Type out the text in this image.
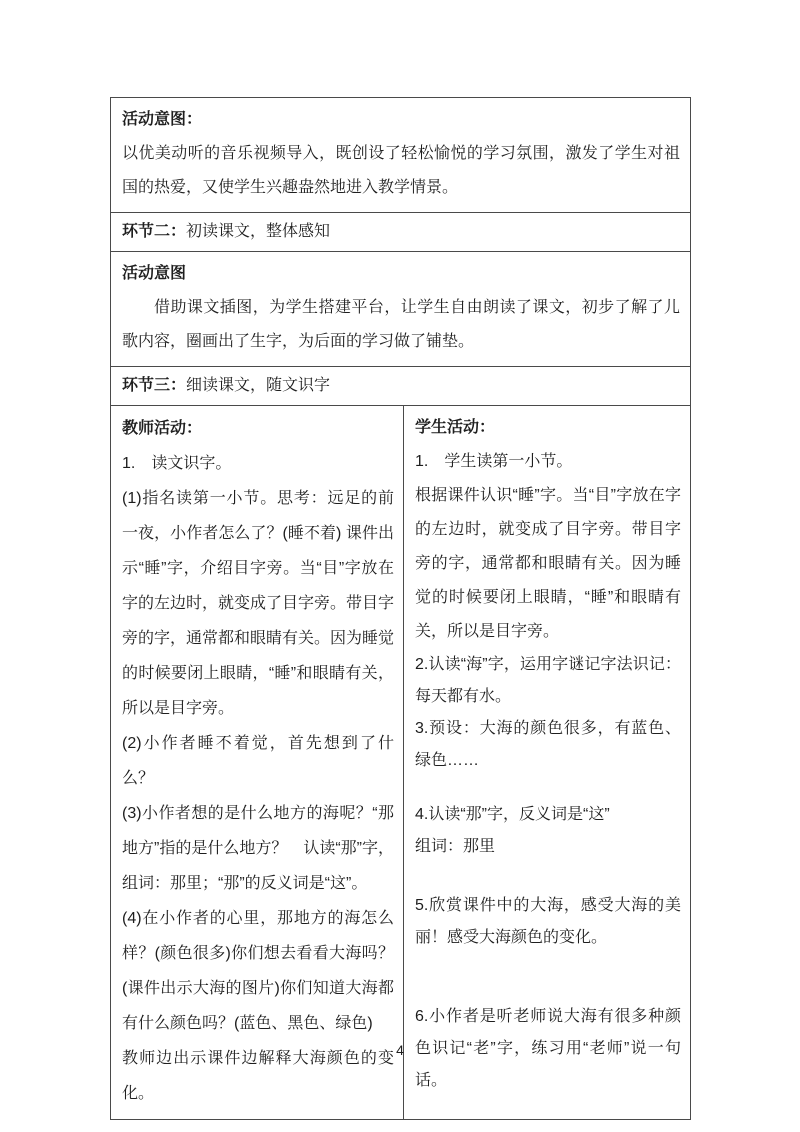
活动意图：

以优美动听的音乐视频导入，既创设了轻松愉悦的学习氛围，激发了学生对祖国的热爱，又使学生兴趣盎然地进入教学情景。

环节二：初读课文，整体感知

活动意图

借助课文插图，为学生搭建平台，让学生自由朗读了课文，初步了解了儿歌内容，圈画出了生字，为后面的学习做了铺垫。

环节三：细读课文，随文识字

教师活动：

1.　读文识字。

(1)指名读第一小节。思考：远足的前一夜，小作者怎么了？(睡不着) 课件出示“睡”字，介绍目字旁。当“目”字放在字的左边时，就变成了目字旁。带目字旁的字，通常都和眼睛有关。因为睡觉的时候要闭上眼睛，“睡”和眼睛有关，所以是目字旁。

(2)小作者睡不着觉，首先想到了什么？

(3)小作者想的是什么地方的海呢？“那地方”指的是什么地方？　认读“那”字，组词：那里；“那”的反义词是“这”。

(4)在小作者的心里，那地方的海怎么样？(颜色很多)你们想去看看大海吗？(课件出示大海的图片)你们知道大海都有什么颜色吗？(蓝色、黑色、绿色)

教师边出示课件边解释大海颜色的变化。

学生活动：

1.　学生读第一小节。

根据课件认识“睡”字。当“目”字放在字的左边时，就变成了目字旁。带目字旁的字，通常都和眼睛有关。因为睡觉的时候要闭上眼睛，“睡”和眼睛有关，所以是目字旁。

2.认读“海”字，运用字谜记字法识记：每天都有水。

3.预设：大海的颜色很多，有蓝色、绿色……

4.认读“那”字，反义词是“这”

组词：那里

5.欣赏课件中的大海，感受大海的美丽！感受大海颜色的变化。

6.小作者是听老师说大海有很多种颜色识记“老”字，练习用“老师”说一句话。

4
